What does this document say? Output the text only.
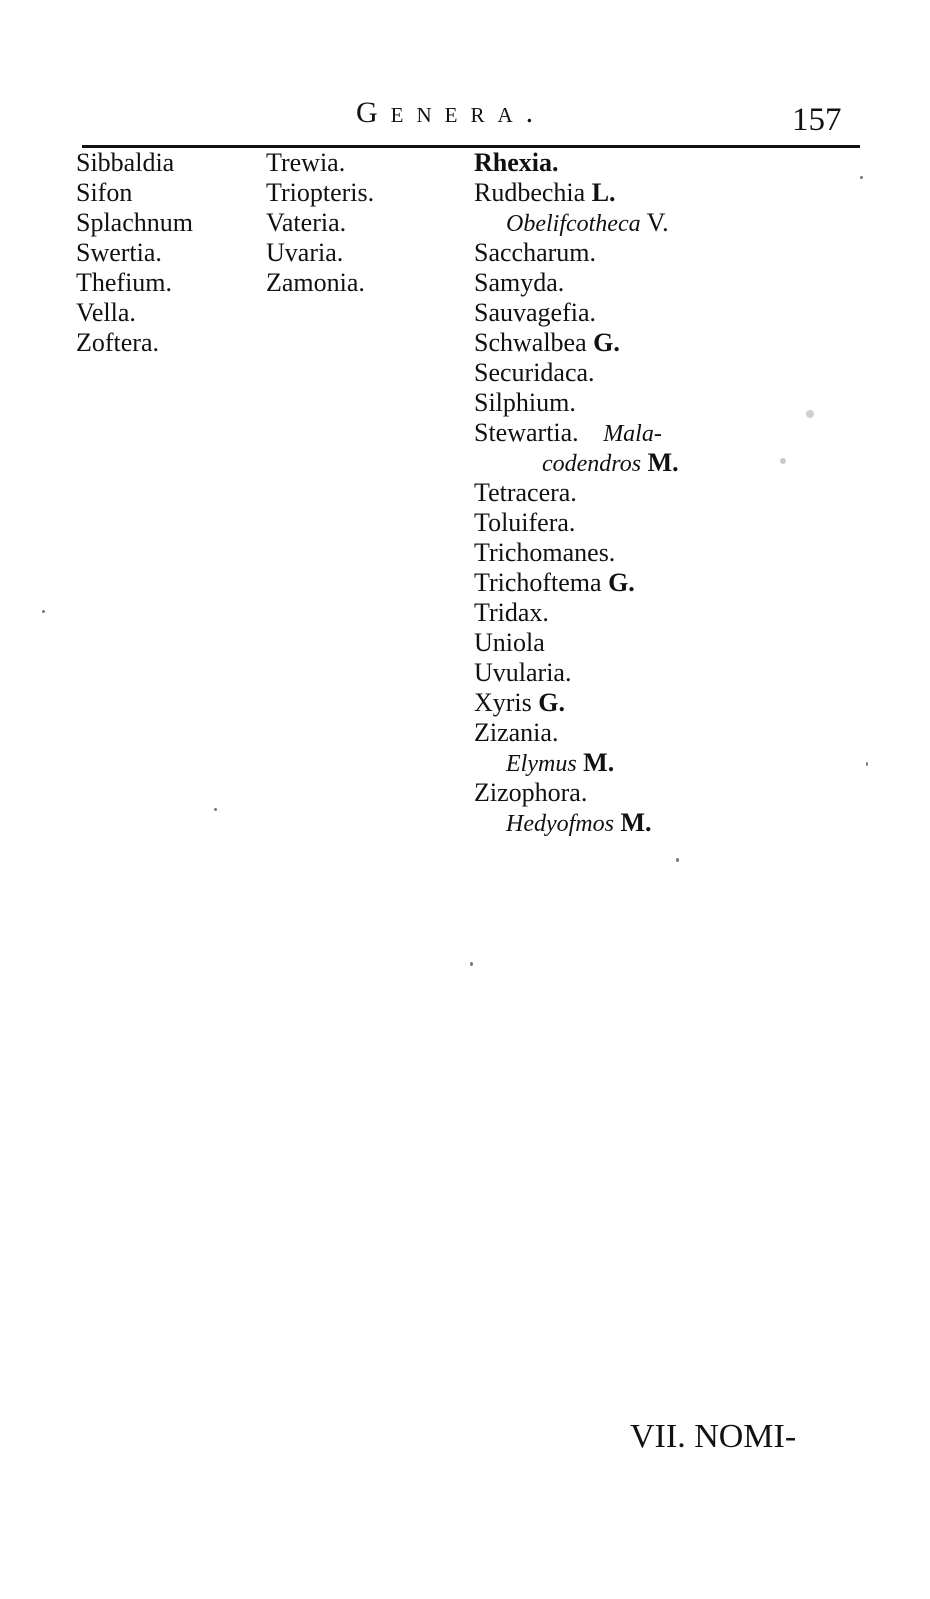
Genera.	157
Sibbaldia
Sifon
Splachnum
Swertia.
Thefium.
Vella.
Zoftera.
Trewia.
Triopteris.
Vateria.
Uvaria.
Zamonia.
Rhexia.
Rudbechia L.
Obelifcotheca V.
Saccharum.
Samyda.
Sauvagefia.
Schwalbea G.
Securidaca.
Silphium.
Stewartia. Mala-
codendros M.
Tetracera.
Toluifera.
Trichomanes.
Trichoftema G.
Tridax.
Uniola
Uvularia.
Xyris G.
Zizania.
Elymus M.
Zizophora.
Hedyofmos M.
VII. NOMI-
